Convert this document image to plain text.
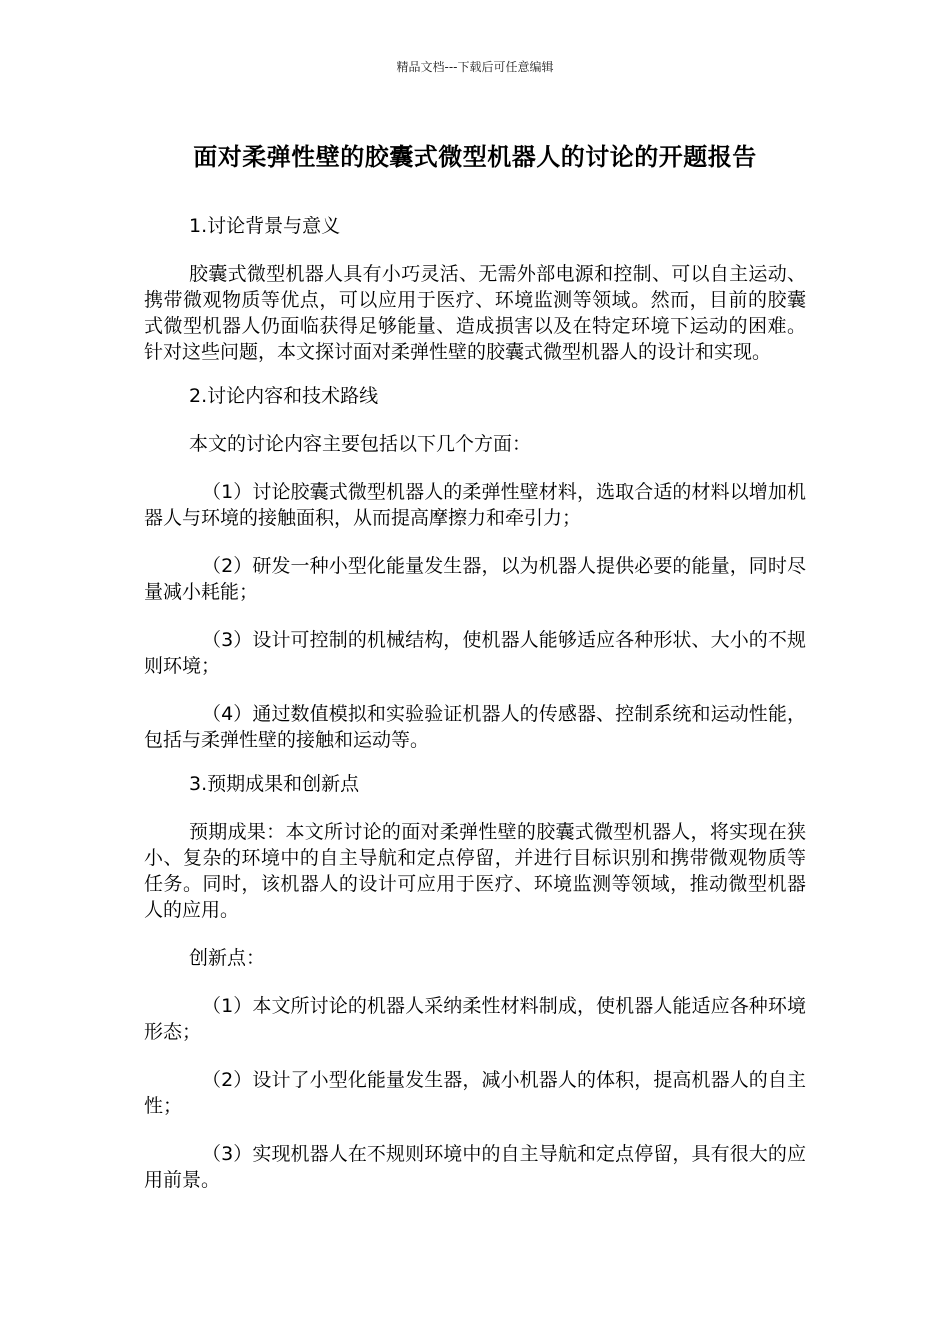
精品文档---下载后可任意编辑
面对柔弹性壁的胶囊式微型机器人的讨论的开题报告

1.讨论背景与意义

胶囊式微型机器人具有小巧灵活、无需外部电源和控制、可以自主运动、携带微观物质等优点，可以应用于医疗、环境监测等领域。然而，目前的胶囊式微型机器人仍面临获得足够能量、造成损害以及在特定环境下运动的困难。针对这些问题，本文探讨面对柔弹性壁的胶囊式微型机器人的设计和实现。

2.讨论内容和技术路线

本文的讨论内容主要包括以下几个方面：

（1）讨论胶囊式微型机器人的柔弹性壁材料，选取合适的材料以增加机器人与环境的接触面积，从而提高摩擦力和牵引力；

（2）研发一种小型化能量发生器，以为机器人提供必要的能量，同时尽量减小耗能；

（3）设计可控制的机械结构，使机器人能够适应各种形状、大小的不规则环境；

（4）通过数值模拟和实验验证机器人的传感器、控制系统和运动性能，包括与柔弹性壁的接触和运动等。

3.预期成果和创新点

预期成果：本文所讨论的面对柔弹性壁的胶囊式微型机器人，将实现在狭小、复杂的环境中的自主导航和定点停留，并进行目标识别和携带微观物质等任务。同时，该机器人的设计可应用于医疗、环境监测等领域，推动微型机器人的应用。

创新点：

（1）本文所讨论的机器人采纳柔性材料制成，使机器人能适应各种环境形态；

（2）设计了小型化能量发生器，减小机器人的体积，提高机器人的自主性；

（3）实现机器人在不规则环境中的自主导航和定点停留，具有很大的应用前景。
